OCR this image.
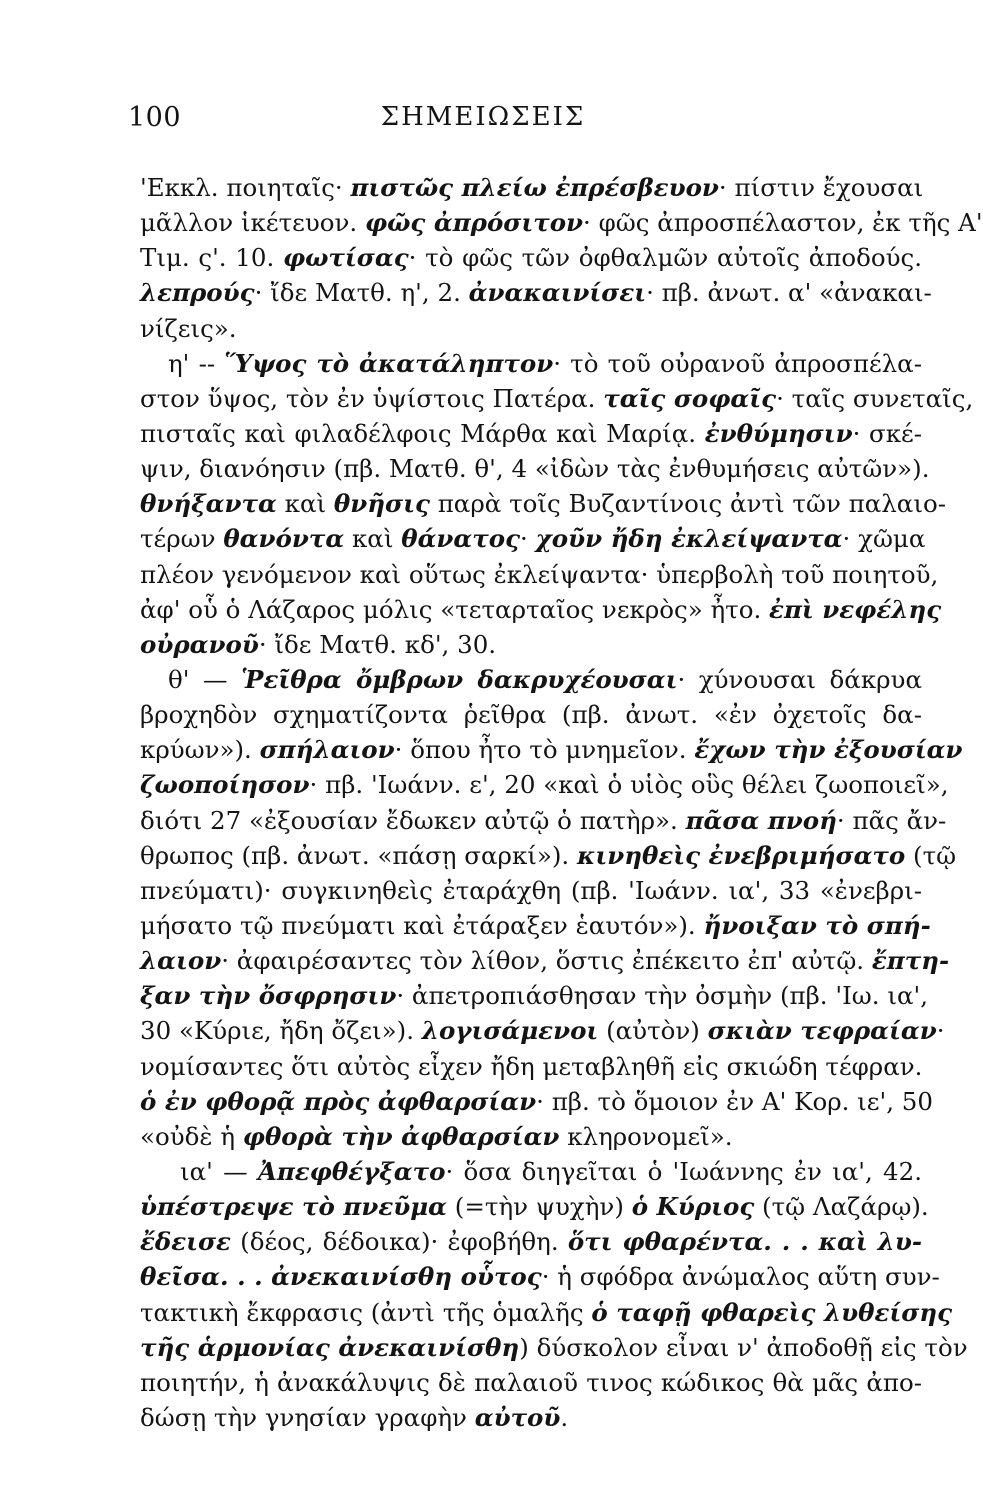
100	ΣΗΜΕΙΩΣΕΙΣ
'Εκκλ. ποιηταῖς· πιστῶς πλείω ἐπρέσβευον· πίστιν ἔχουσαι
μᾶλλον ἱκέτευον. φῶς ἀπρόσιτον· φῶς ἀπροσπέλαστον, ἐκ τῆς Α'
Τιμ. ς'. 10. φωτίσας· τὸ φῶς τῶν ὀφθαλμῶν αὐτοῖς ἀποδούς.
λεπρούς· ἴδε Ματθ. η', 2. ἀνακαινίσει· πβ. ἀνωτ. α' «ἀνακαι-
νίζεις».
η' -- Ὕψος τὸ ἀκατάληπτον· τὸ τοῦ οὐρανοῦ ἀπροσπέλα-
στον ὕψος, τὸν ἐν ὑψίστοις Πατέρα. ταῖς σοφαῖς· ταῖς συνεταῖς,
πισταῖς καὶ φιλαδέλφοις Μάρθα καὶ Μαρίᾳ. ἐνθύμησιν· σκέ-
ψιν, διανόησιν (πβ. Ματθ. θ', 4 «ἰδὼν τὰς ἐνθυμήσεις αὐτῶν»).
θνήξαντα καὶ θνῆσις παρὰ τοῖς Βυζαντίνοις ἀντὶ τῶν παλαιο-
τέρων θανόντα καὶ θάνατος· χοῦν ἤδη ἐκλείψαντα· χῶμα
πλέον γενόμενον καὶ οὕτως ἐκλείψαντα· ὑπερβολὴ τοῦ ποιητοῦ,
ἀφ' οὗ ὁ Λάζαρος μόλις «τεταρταῖος νεκρὸς» ἦτο. ἐπὶ νεφέλης
οὐρανοῦ· ἴδε Ματθ. κδ', 30.
θ' — Ῥεῖθρα ὄμβρων δακρυχέουσαι· χύνουσαι δάκρυα
βροχηδὸν σχηματίζοντα ῥεῖθρα (πβ. ἀνωτ. «ἐν ὀχετοῖς δα-
κρύων»). σπήλαιον· ὅπου ἦτο τὸ μνημεῖον. ἔχων τὴν ἐξουσίαν
ζωοποίησον· πβ. 'Ιωάνν. ε', 20 «καὶ ὁ υἱὸς οὓς θέλει ζωοποιεῖ»,
διότι 27 «ἐξουσίαν ἔδωκεν αὐτῷ ὁ πατὴρ». πᾶσα πνοή· πᾶς ἄν-
θρωπος (πβ. ἀνωτ. «πάσῃ σαρκί»). κινηθεὶς ἐνεβριμήσατο (τῷ
πνεύματι)· συγκινηθεὶς ἐταράχθη (πβ. 'Ιωάνν. ια', 33 «ἐνεβρι-
μήσατο τῷ πνεύματι καὶ ἐτάραξεν ἑαυτόν»). ἤνοιξαν τὸ σπή-
λαιον· ἀφαιρέσαντες τὸν λίθον, ὅστις ἐπέκειτο ἐπ' αὐτῷ. ἔπτη-
ξαν τὴν ὄσφρησιν· ἀπετροπιάσθησαν τὴν ὀσμὴν (πβ. 'Ιω. ια',
30 «Κύριε, ἤδη ὄζει»). λογισάμενοι (αὐτὸν) σκιὰν τεφραίαν·
νομίσαντες ὅτι αὐτὸς εἶχεν ἤδη μεταβληθῆ εἰς σκιώδη τέφραν.
ὁ ἐν φθορᾷ πρὸς ἀφθαρσίαν· πβ. τὸ ὅμοιον ἐν Α' Κορ. ιε', 50
«οὐδὲ ἡ φθορὰ τὴν ἀφθαρσίαν κληρονομεῖ».
ια' — Ἀπεφθέγξατο· ὅσα διηγεῖται ὁ 'Ιωάννης ἐν ια', 42.
ὑπέστρεψε τὸ πνεῦμα (=τὴν ψυχὴν) ὁ Κύριος (τῷ Λαζάρῳ).
ἔδεισε (δέος, δέδοικα)· ἐφοβήθη. ὅτι φθαρέντα. . . καὶ λυ-
θεῖσα. . . ἀνεκαινίσθη οὗτος· ἡ σφόδρα ἀνώμαλος αὕτη συν-
τακτικὴ ἔκφρασις (ἀντὶ τῆς ὁμαλῆς ὁ ταφῇ φθαρεὶς λυθείσης
τῆς ἁρμονίας ἀνεκαινίσθη) δύσκολον εἶναι ν' ἀποδοθῇ εἰς τὸν
ποιητήν, ἡ ἀνακάλυψις δὲ παλαιοῦ τινος κώδικος θὰ μᾶς ἀπο-
δώσῃ τὴν γνησίαν γραφὴν αὐτοῦ.
